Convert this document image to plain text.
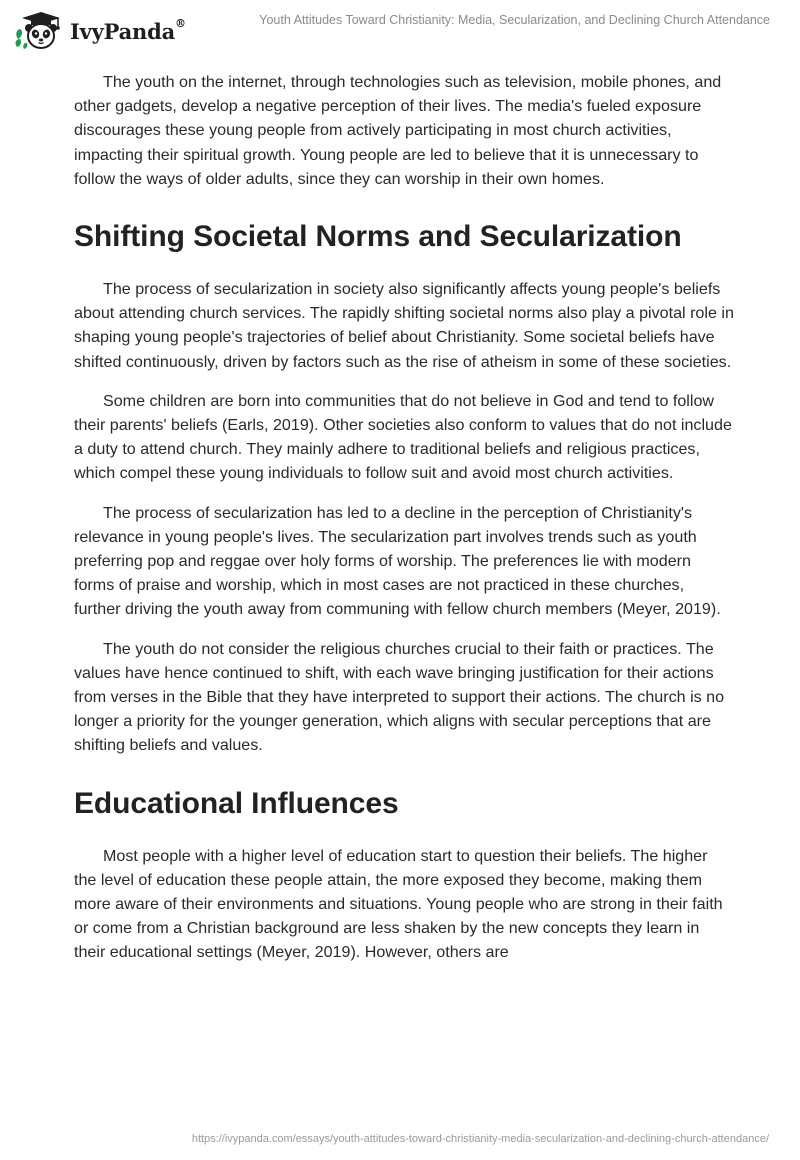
IvyPanda®	Youth Attitudes Toward Christianity: Media, Secularization, and Declining Church Attendance

The youth on the internet, through technologies such as television, mobile phones, and other gadgets, develop a negative perception of their lives. The media's fueled exposure discourages these young people from actively participating in most church activities, impacting their spiritual growth. Young people are led to believe that it is unnecessary to follow the ways of older adults, since they can worship in their own homes.

Shifting Societal Norms and Secularization

The process of secularization in society also significantly affects young people's beliefs about attending church services. The rapidly shifting societal norms also play a pivotal role in shaping young people's trajectories of belief about Christianity. Some societal beliefs have shifted continuously, driven by factors such as the rise of atheism in some of these societies.

Some children are born into communities that do not believe in God and tend to follow their parents' beliefs (Earls, 2019). Other societies also conform to values that do not include a duty to attend church. They mainly adhere to traditional beliefs and religious practices, which compel these young individuals to follow suit and avoid most church activities.

The process of secularization has led to a decline in the perception of Christianity's relevance in young people's lives. The secularization part involves trends such as youth preferring pop and reggae over holy forms of worship. The preferences lie with modern forms of praise and worship, which in most cases are not practiced in these churches, further driving the youth away from communing with fellow church members (Meyer, 2019).

The youth do not consider the religious churches crucial to their faith or practices. The values have hence continued to shift, with each wave bringing justification for their actions from verses in the Bible that they have interpreted to support their actions. The church is no longer a priority for the younger generation, which aligns with secular perceptions that are shifting beliefs and values.

Educational Influences

Most people with a higher level of education start to question their beliefs. The higher the level of education these people attain, the more exposed they become, making them more aware of their environments and situations. Young people who are strong in their faith or come from a Christian background are less shaken by the new concepts they learn in their educational settings (Meyer, 2019). However, others are

https://ivypanda.com/essays/youth-attitudes-toward-christianity-media-secularization-and-declining-church-attendance/
